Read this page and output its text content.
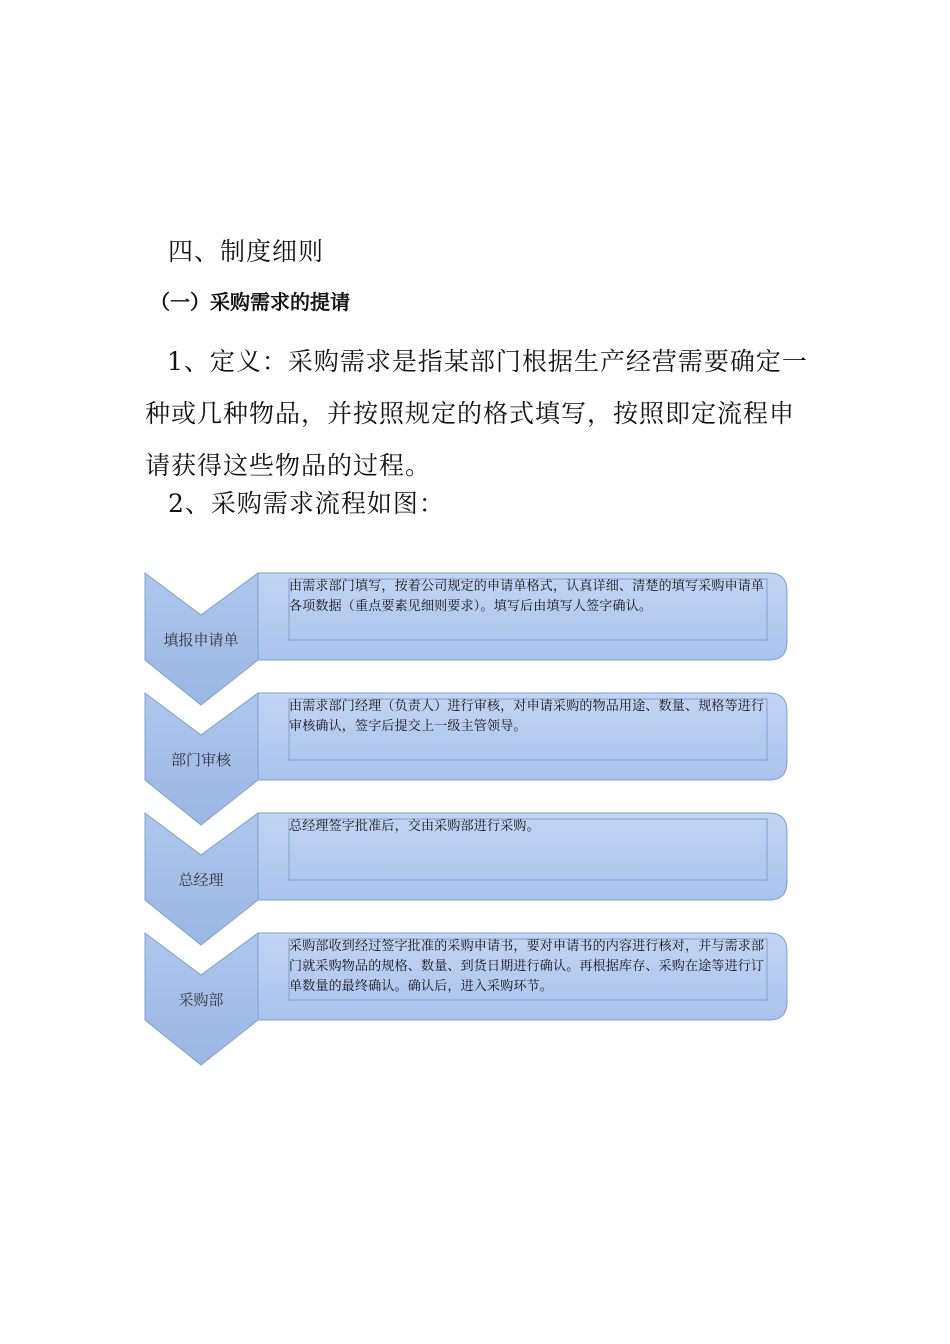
四、制度细则
（一）采购需求的提请
1、定义：采购需求是指某部门根据生产经营需要确定一种或几种物品，并按照规定的格式填写，按照即定流程申请获得这些物品的过程。
2、采购需求流程如图：
填报申请单
部门审核
总经理
采购部
由需求部门填写，按着公司规定的申请单格式，认真详细、清楚的填写采购申请单各项数据（重点要素见细则要求）。填写后由填写人签字确认。
由需求部门经理（负责人）进行审核，对申请采购的物品用途、数量、规格等进行审核确认，签字后提交上一级主管领导。
总经理签字批准后，交由采购部进行采购。
采购部收到经过签字批准的采购申请书，要对申请书的内容进行核对，并与需求部门就采购物品的规格、数量、到货日期进行确认。再根据库存、采购在途等进行订单数量的最终确认。确认后，进入采购环节。
